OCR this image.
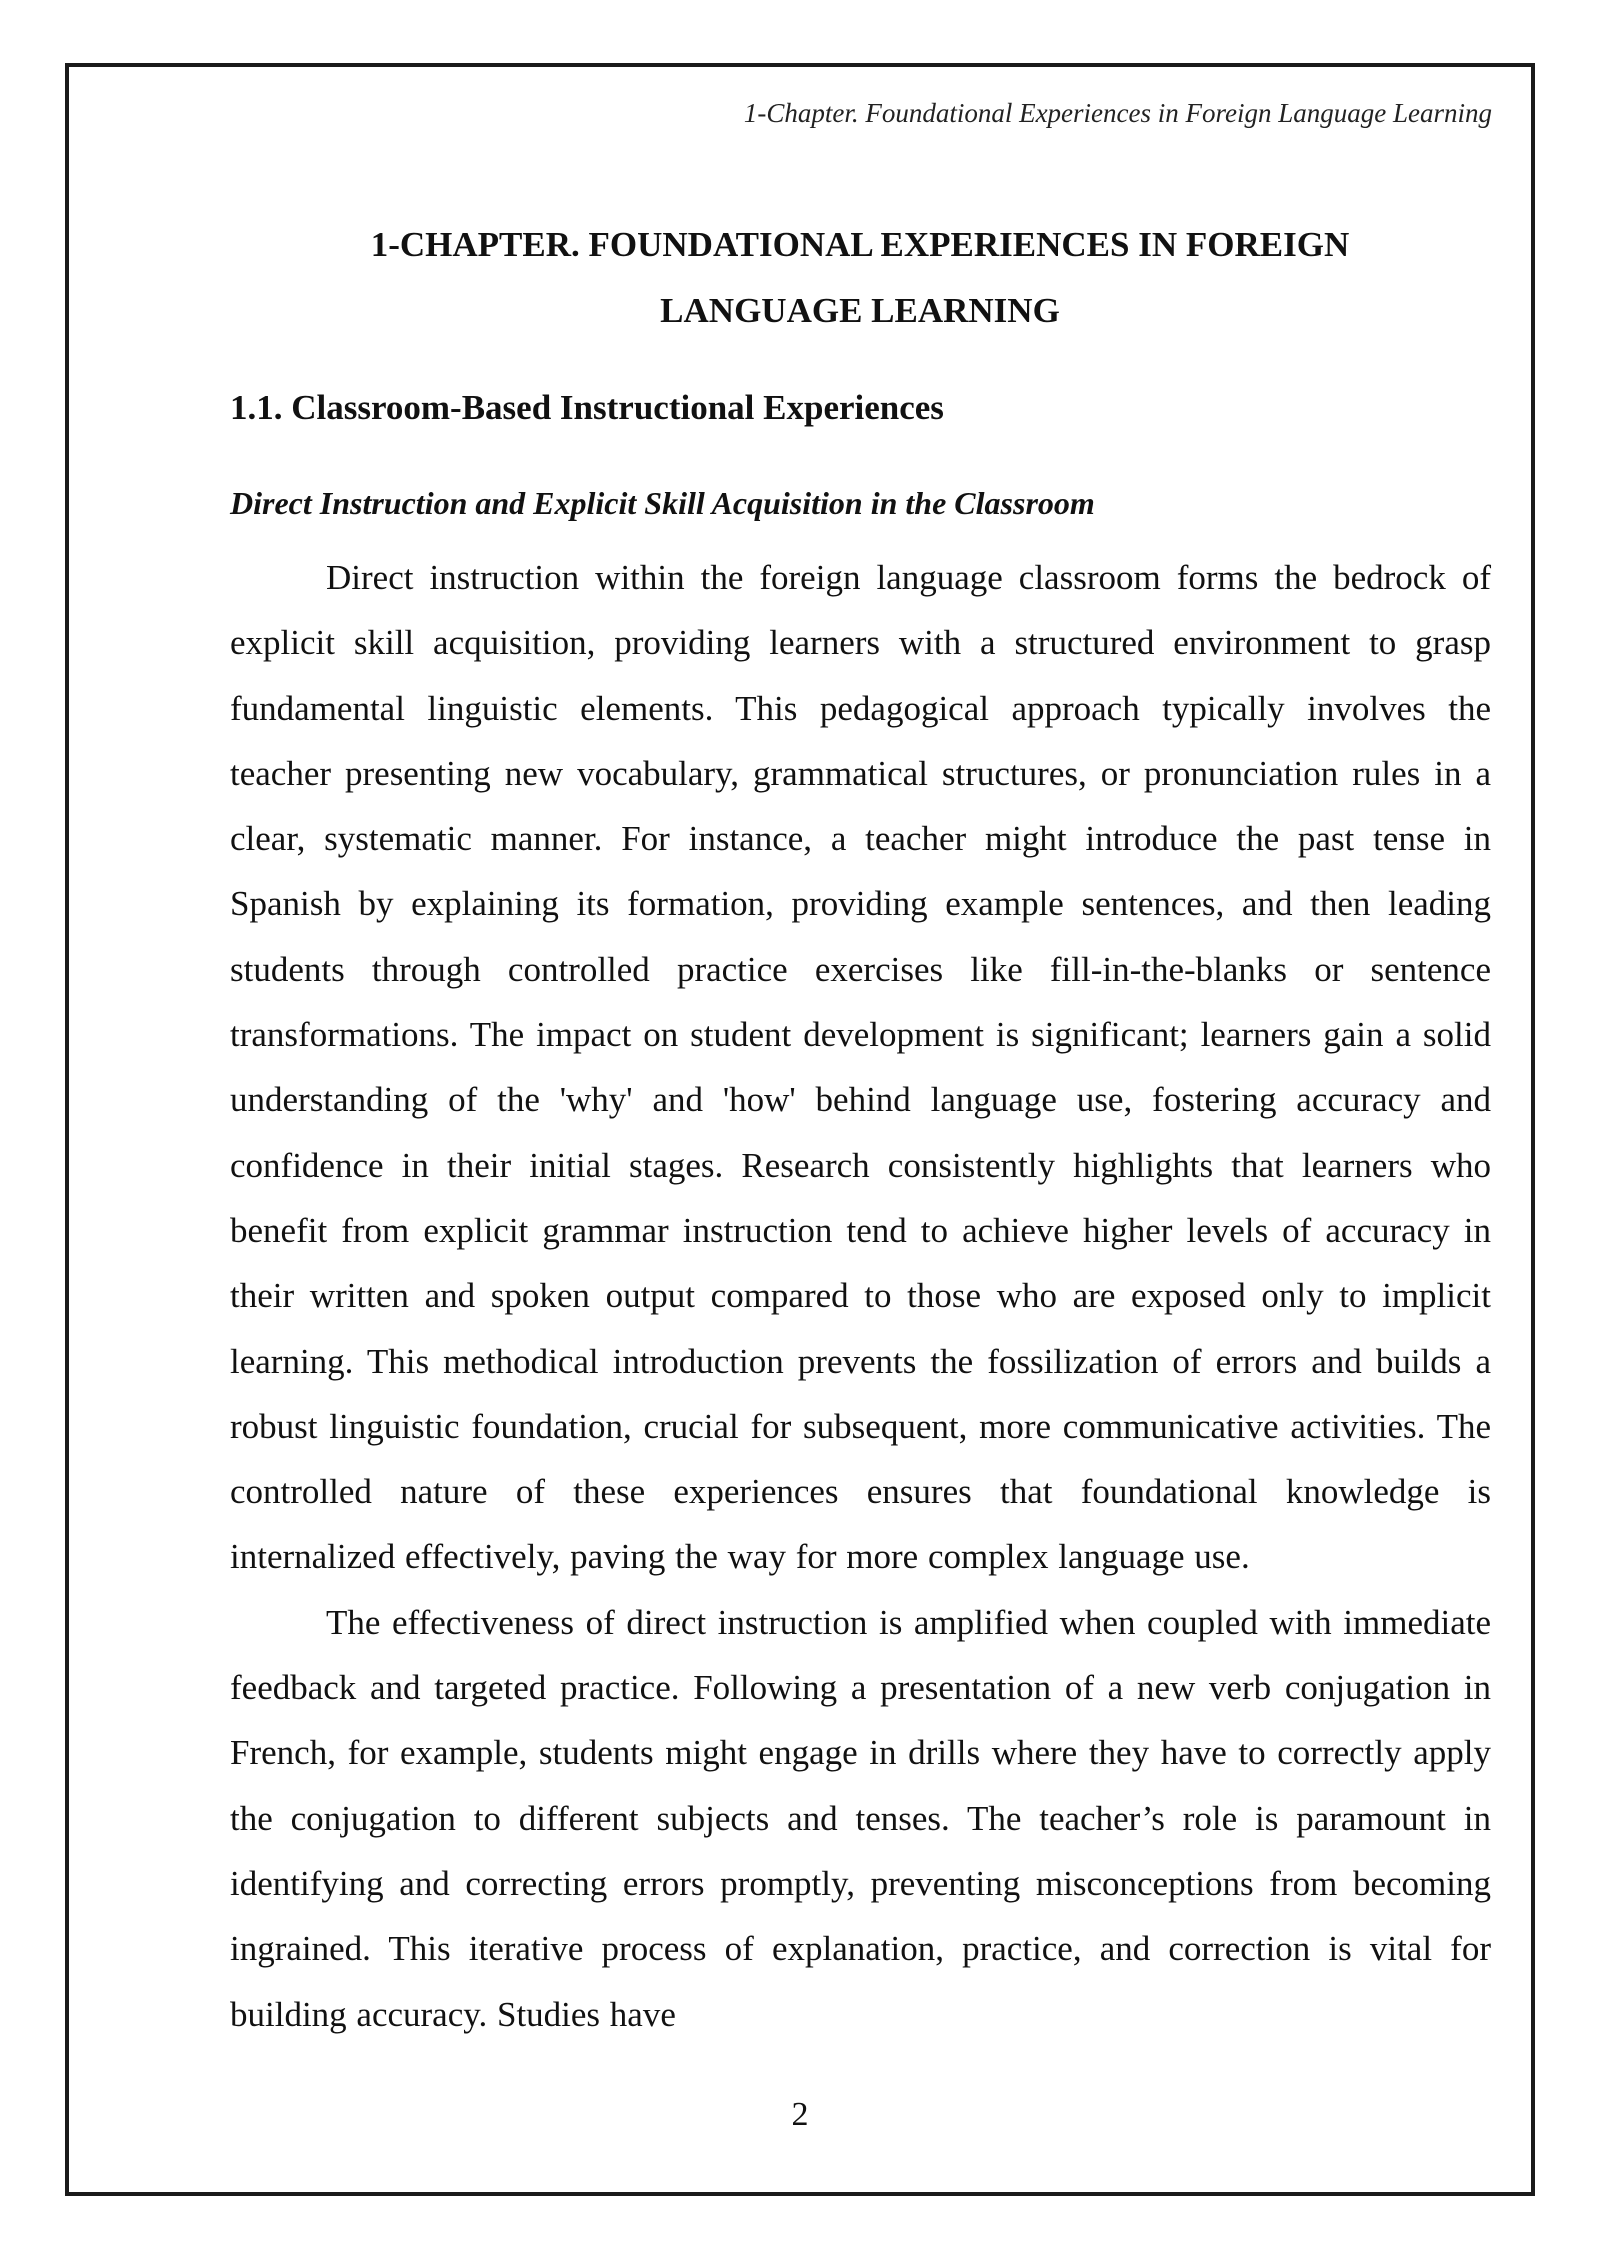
1-Chapter. Foundational Experiences in Foreign Language Learning
1-CHAPTER. FOUNDATIONAL EXPERIENCES IN FOREIGN
LANGUAGE LEARNING
1.1. Classroom-Based Instructional Experiences
Direct Instruction and Explicit Skill Acquisition in the Classroom

Direct instruction within the foreign language classroom forms the bedrock of explicit skill acquisition, providing learners with a structured environment to grasp fundamental linguistic elements. This pedagogical approach typically involves the teacher presenting new vocabulary, grammatical structures, or pronunciation rules in a clear, systematic manner. For instance, a teacher might introduce the past tense in Spanish by explaining its formation, providing example sentences, and then leading students through controlled practice exercises like fill-in-the-blanks or sentence transformations. The impact on student development is significant; learners gain a solid understanding of the 'why' and 'how' behind language use, fostering accuracy and confidence in their initial stages. Research consistently highlights that learners who benefit from explicit grammar instruction tend to achieve higher levels of accuracy in their written and spoken output compared to those who are exposed only to implicit learning. This methodical introduction prevents the fossilization of errors and builds a robust linguistic foundation, crucial for subsequent, more communicative activities. The controlled nature of these experiences ensures that foundational knowledge is internalized effectively, paving the way for more complex language use.

The effectiveness of direct instruction is amplified when coupled with immediate feedback and targeted practice. Following a presentation of a new verb conjugation in French, for example, students might engage in drills where they have to correctly apply the conjugation to different subjects and tenses. The teacher’s role is paramount in identifying and correcting errors promptly, preventing misconceptions from becoming ingrained. This iterative process of explanation, practice, and correction is vital for building accuracy. Studies have

2
